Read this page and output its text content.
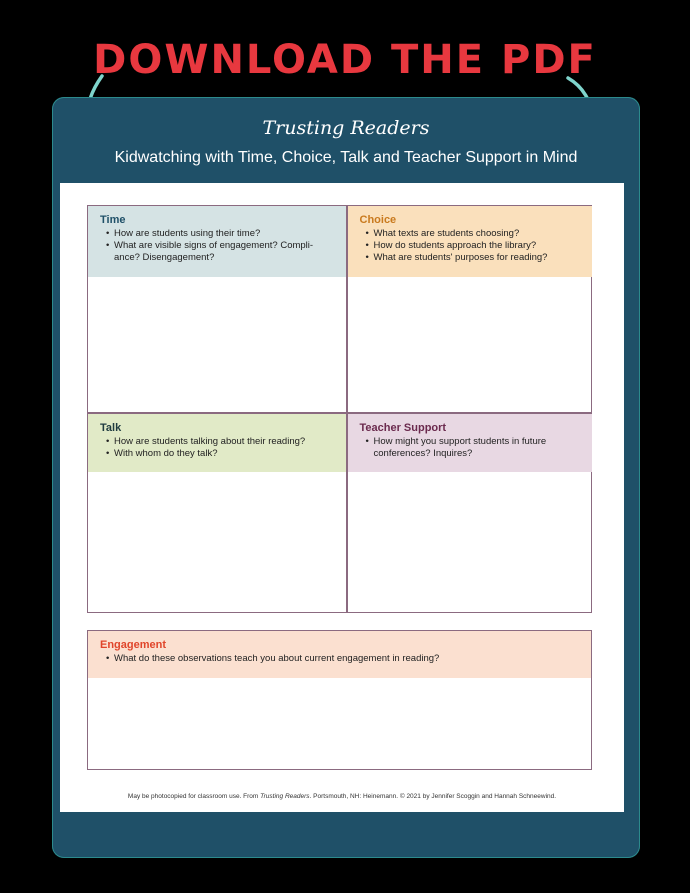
DOWNLOAD THE PDF
Trusting Readers
Kidwatching with Time, Choice, Talk and Teacher Support in Mind
Time
• How are students using their time?
• What are visible signs of engagement? Compli- ance? Disengagement?
Choice
• What texts are students choosing?
• How do students approach the library?
• What are students' purposes for reading?
Talk
• How are students talking about their reading?
• With whom do they talk?
Teacher Support
• How might you support students in future conferences? Inquires?
Engagement
• What do these observations teach you about current engagement in reading?
May be photocopied for classroom use. From Trusting Readers. Portsmouth, NH: Heinemann. © 2021 by Jennifer Scoggin and Hannah Schneewind.
